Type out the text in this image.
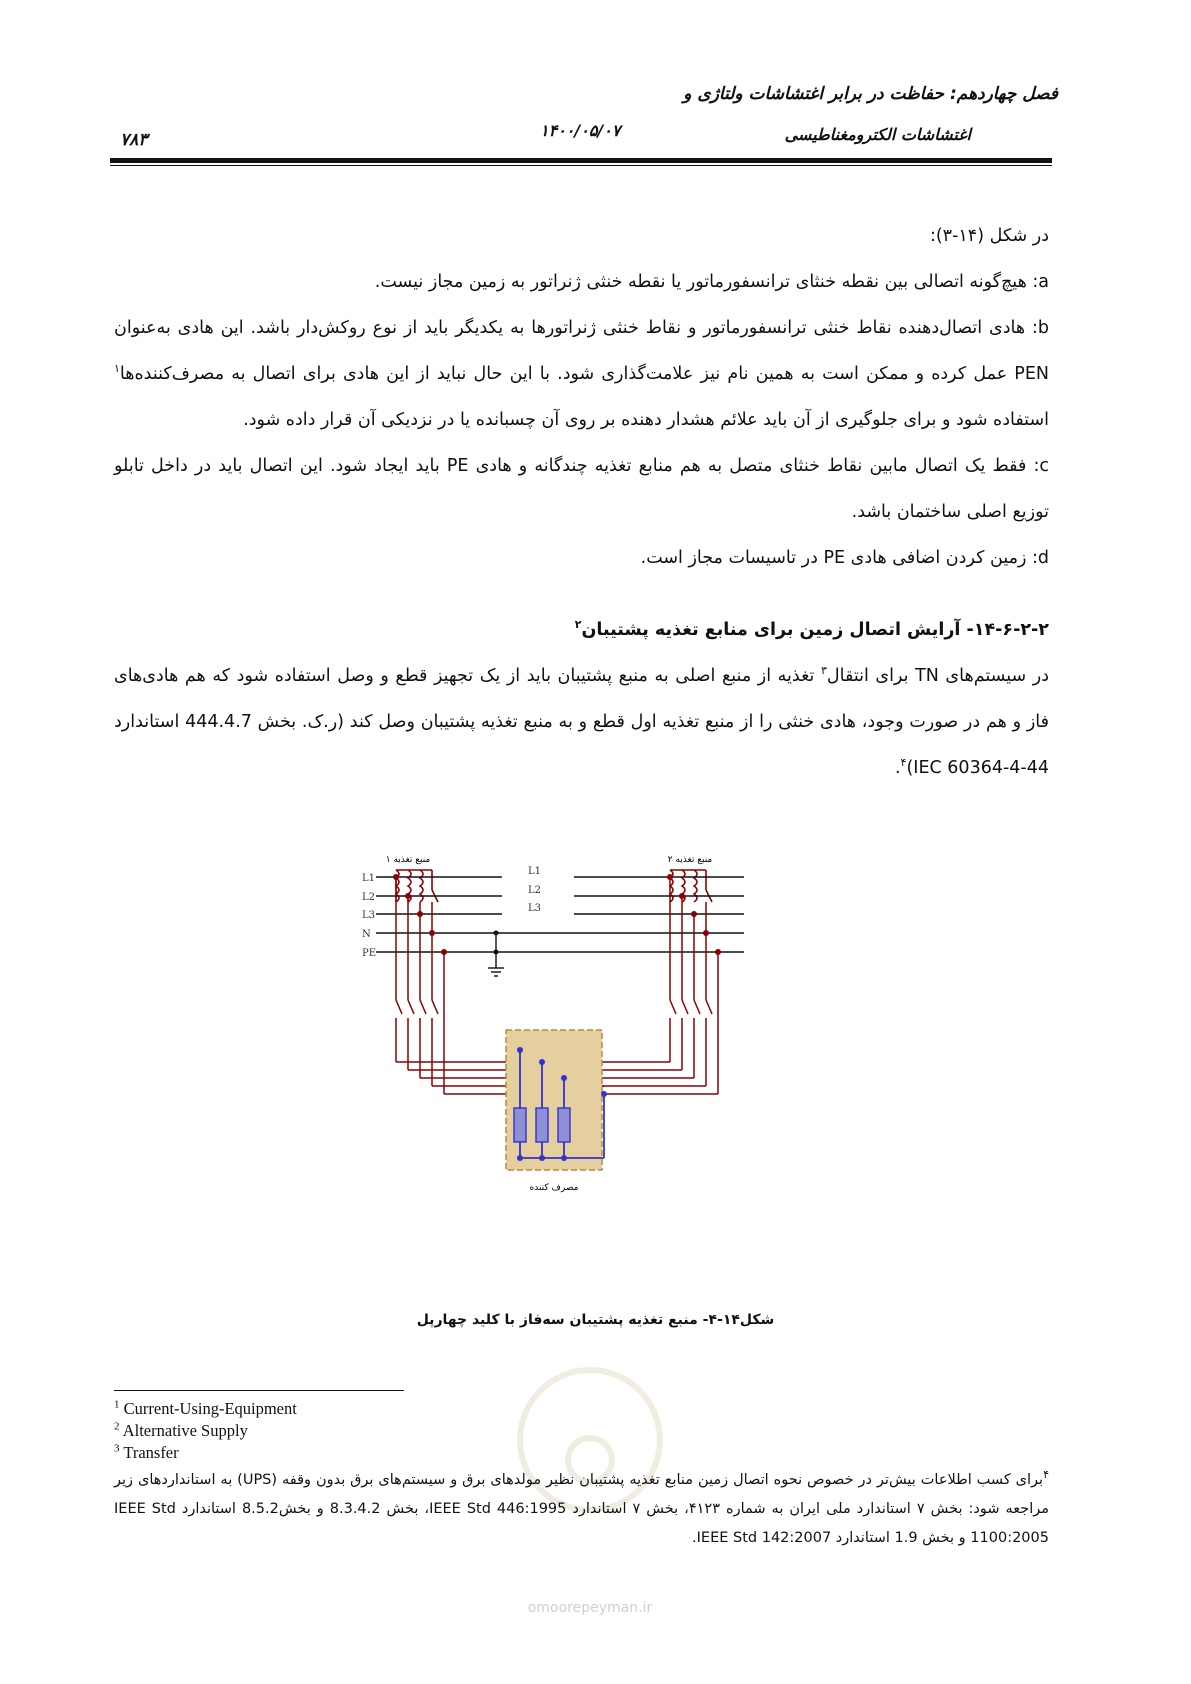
فصل چهاردهم: حفاظت در برابر اغتشاشات ولتاژی و
اغتشاشات الکترومغناطیسی
۱۴۰۰/۰۵/۰۷
۷۸۳

در شکل (۱۴-۳):

a: هیچ‌گونه اتصالی بین نقطه خنثای ترانسفورماتور یا نقطه خنثی ژنراتور به زمین مجاز نیست.

b: هادی اتصال‌دهنده نقاط خنثی ترانسفورماتور و نقاط خنثی ژنراتورها به یکدیگر باید از نوع روکش‌دار باشد. این هادی به‌عنوان PEN عمل کرده و ممکن است به همین نام نیز علامت‌گذاری شود. با این حال نباید از این هادی برای اتصال به مصرف‌کننده‌ها$^۱$ استفاده شود و برای جلوگیری از آن باید علائم هشدار دهنده بر روی آن چسبانده یا در نزدیکی آن قرار داده شود.

c: فقط یک اتصال مابین نقاط خنثای متصل به هم منابع تغذیه چندگانه و هادی PE باید ایجاد شود. این اتصال باید در داخل تابلو توزیع اصلی ساختمان باشد.

d: زمین کردن اضافی هادی PE در تاسیسات مجاز است.

۱۴-۶-۲-۲- آرایش اتصال زمین برای منابع تغذیه پشتیبان$^۲$

در سیستم‌های TN برای انتقال$^۳$ تغذیه از منبع اصلی به منبع پشتیبان باید از یک تجهیز قطع و وصل استفاده شود که هم هادی‌های فاز و هم در صورت وجود، هادی خنثی را از منبع تغذیه اول قطع و به منبع تغذیه پشتیبان وصل کند (ر.ک. بخش 444.4.7 استاندارد IEC 60364-4-44)$^۴$.

منبع تغذیه ۱	منبع تغذیه ۲
مصرف کننده
L1
L2
L3
N
PE
L1
L2
L3
شکل۱۴-۴- منبع تغذیه پشتیبان سه‌فاز با کلید چهارپل
omoorepeyman.ir
$^1$ Current-Using-Equipment
$^2$ Alternative Supply
$^3$ Transfer
$^۴$برای کسب اطلاعات بیش‌تر در خصوص نحوه اتصال زمین منابع تغذیه پشتیبان نظیر مولدهای برق و سیستم‌های برق بدون وقفه (UPS) به استانداردهای زیر مراجعه شود: بخش ۷ استاندارد ملی ایران به شماره ۴۱۲۳، بخش ۷ استاندارد IEEE Std 446:1995، بخش 8.3.4.2 و بخش8.5.2 استاندارد IEEE Std 1100:2005 و بخش 1.9 استاندارد IEEE Std 142:2007.
